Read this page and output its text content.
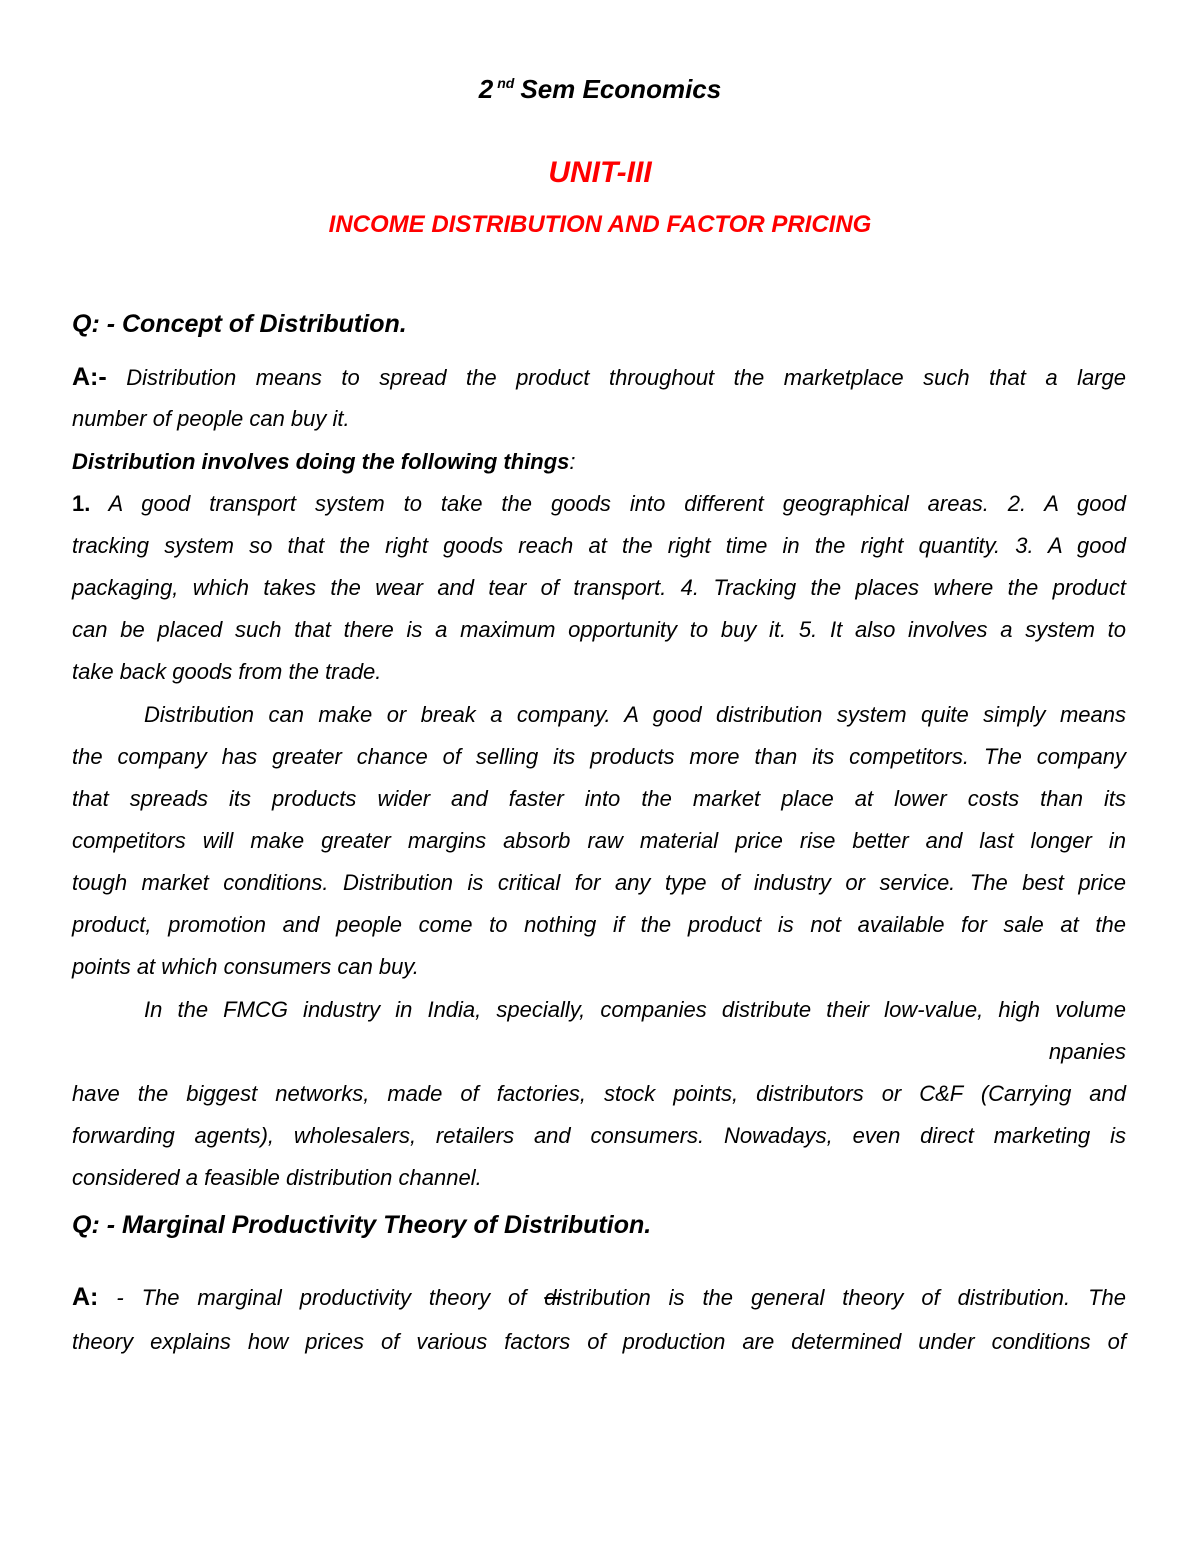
2 $^{nd}$ Sem Economics
UNIT-III
INCOME DISTRIBUTION AND FACTOR PRICING
Q: - Concept of Distribution.
A:- Distribution means to spread the product throughout the marketplace such that a large
number of people can buy it.
Distribution involves doing the following things:
1. A good transport system to take the goods into different geographical areas. 2. A good
tracking system so that the right goods reach at the right time in the right quantity. 3. A good
packaging, which takes the wear and tear of transport. 4. Tracking the places where the product
can be placed such that there is a maximum opportunity to buy it. 5. It also involves a system to
take back goods from the trade.
Distribution can make or break a company. A good distribution system quite simply means
the company has greater chance of selling its products more than its competitors. The company
that spreads its products wider and faster into the market place at lower costs than its
competitors will make greater margins absorb raw material price rise better and last longer in
tough market conditions. Distribution is critical for any type of industry or service. The best price
product, promotion and people come to nothing if the product is not available for sale at the
points at which consumers can buy.
In the FMCG industry in India, specially, companies distribute their low-value, high volume
npanies
have the biggest networks, made of factories, stock points, distributors or C&F (Carrying and
forwarding agents), wholesalers, retailers and consumers. Nowadays, even direct marketing is
considered a feasible distribution channel.
Q: - Marginal Productivity Theory of Distribution.
A: - The marginal productivity theory of distribution is the general theory of distribution. The
theory explains how prices of various factors of production are determined under conditions of
